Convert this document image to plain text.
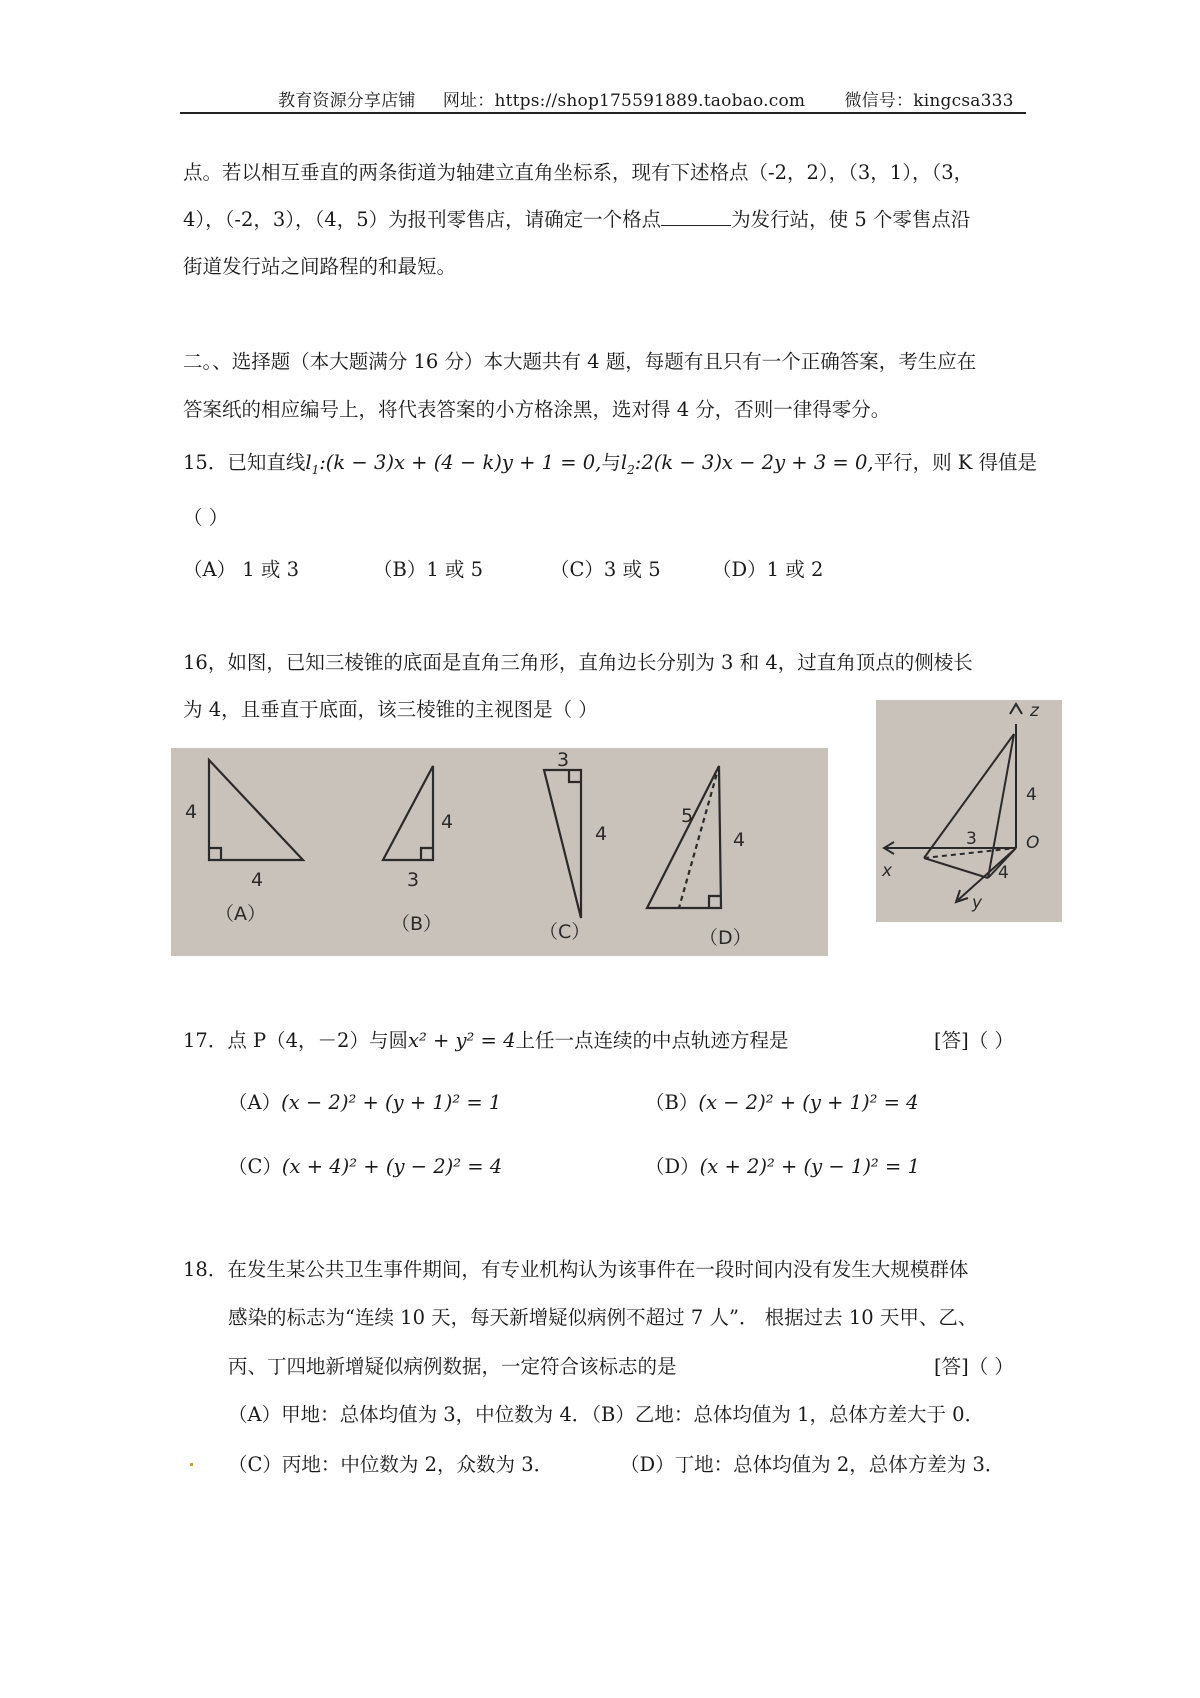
教育资源分享店铺 网址：https://shop175591889.taobao.com 微信号：kingcsa333
点。若以相互垂直的两条街道为轴建立直角坐标系，现有下述格点（-2，2），（3，1），（3，
4），（-2，3），（4，5）为报刊零售店，请确定一个格点	为发行站，使 5 个零售点沿
街道发行站之间路程的和最短。
二。、选择题（本大题满分 16 分）本大题共有 4 题，每题有且只有一个正确答案，考生应在
答案纸的相应编号上，将代表答案的小方格涂黑，选对得 4 分，否则一律得零分。
15．已知直线$l_1:(k - 3)x + (4 - k)y + 1 = 0$,与$l_2:2(k - 3)x - 2y + 3 = 0$,平行，则 K 得值是
（ ）
（A） 1 或 3	（B）1 或 5	（C）3 或 5	（D）1 或 2
16，如图，已知三棱锥的底面是直角三角形，直角边长分别为 3 和 4，过直角顶点的侧棱长
为 4，且垂直于底面，该三棱锥的主视图是（ ）
4
4
（A）
4
3
（B）
3
4
（C）
5
4
（D）
z
4
3	O
4
x
y
17．点 P（4，－2）与圆x² + y² = 4上任一点连续的中点轨迹方程是	[答]（ ）
（A）(x − 2)² + (y + 1)² = 1	（B）(x − 2)² + (y + 1)² = 4
（C）(x + 4)² + (y − 2)² = 4	（D）(x + 2)² + (y − 1)² = 1
18．在发生某公共卫生事件期间，有专业机构认为该事件在一段时间内没有发生大规模群体
感染的标志为“连续 10 天，每天新增疑似病例不超过 7 人”． 根据过去 10 天甲、乙、
丙、丁四地新增疑似病例数据，一定符合该标志的是	[答]（ ）
（A）甲地：总体均值为 3，中位数为 4．（B）乙地：总体均值为 1，总体方差大于 0．
（C）丙地：中位数为 2，众数为 3．	（D）丁地：总体均值为 2，总体方差为 3．
